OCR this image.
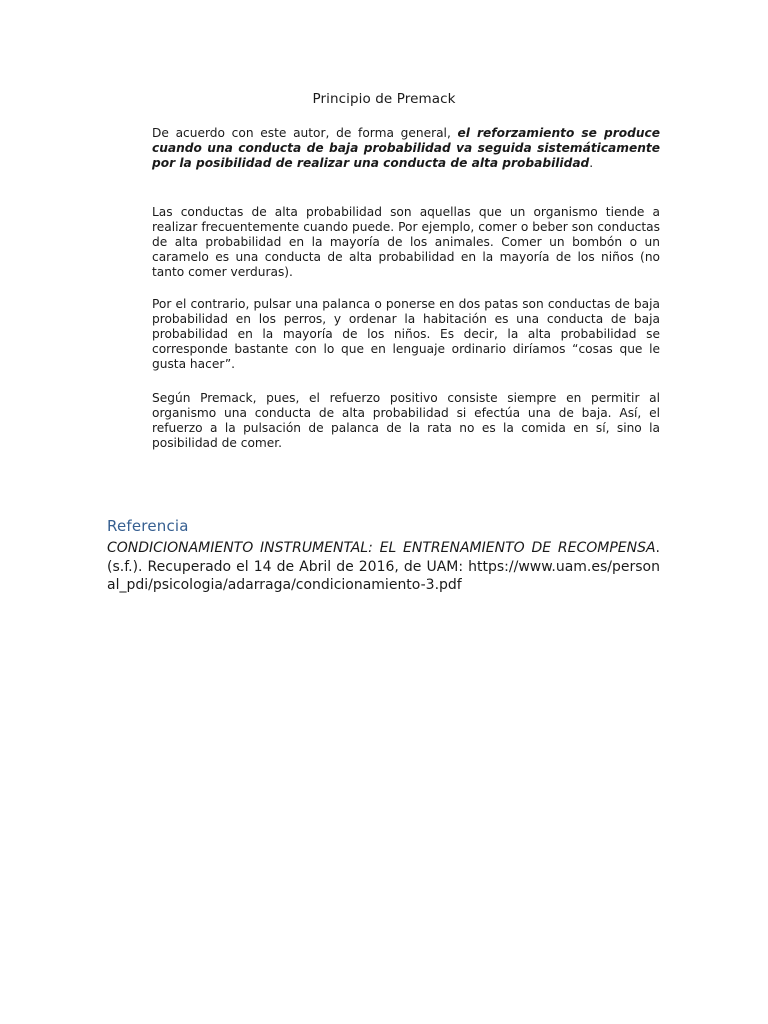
Principio de Premack

De acuerdo con este autor, de forma general, el reforzamiento se produce cuando una conducta de baja probabilidad va seguida sistemáticamente por la posibilidad de realizar una conducta de alta probabilidad.

Las conductas de alta probabilidad son aquellas que un organismo tiende a realizar frecuentemente cuando puede. Por ejemplo, comer o beber son conductas de alta probabilidad en la mayoría de los animales. Comer un bombón o un caramelo es una conducta de alta probabilidad en la mayoría de los niños (no tanto comer verduras).

Por el contrario, pulsar una palanca o ponerse en dos patas son conductas de baja probabilidad en los perros, y ordenar la habitación es una conducta de baja probabilidad en la mayoría de los niños. Es decir, la alta probabilidad se corresponde bastante con lo que en lenguaje ordinario diríamos “cosas que le gusta hacer”.

Según Premack, pues, el refuerzo positivo consiste siempre en permitir al organismo una conducta de alta probabilidad si efectúa una de baja. Así, el refuerzo a la pulsación de palanca de la rata no es la comida en sí, sino la posibilidad de comer.

Referencia

CONDICIONAMIENTO INSTRUMENTAL: EL ENTRENAMIENTO DE RECOMPENSA. (s.f.). Recuperado el 14 de Abril de 2016, de UAM: https://www.uam.es/personal_pdi/psicologia/adarraga/condicionamiento-3.pdf
